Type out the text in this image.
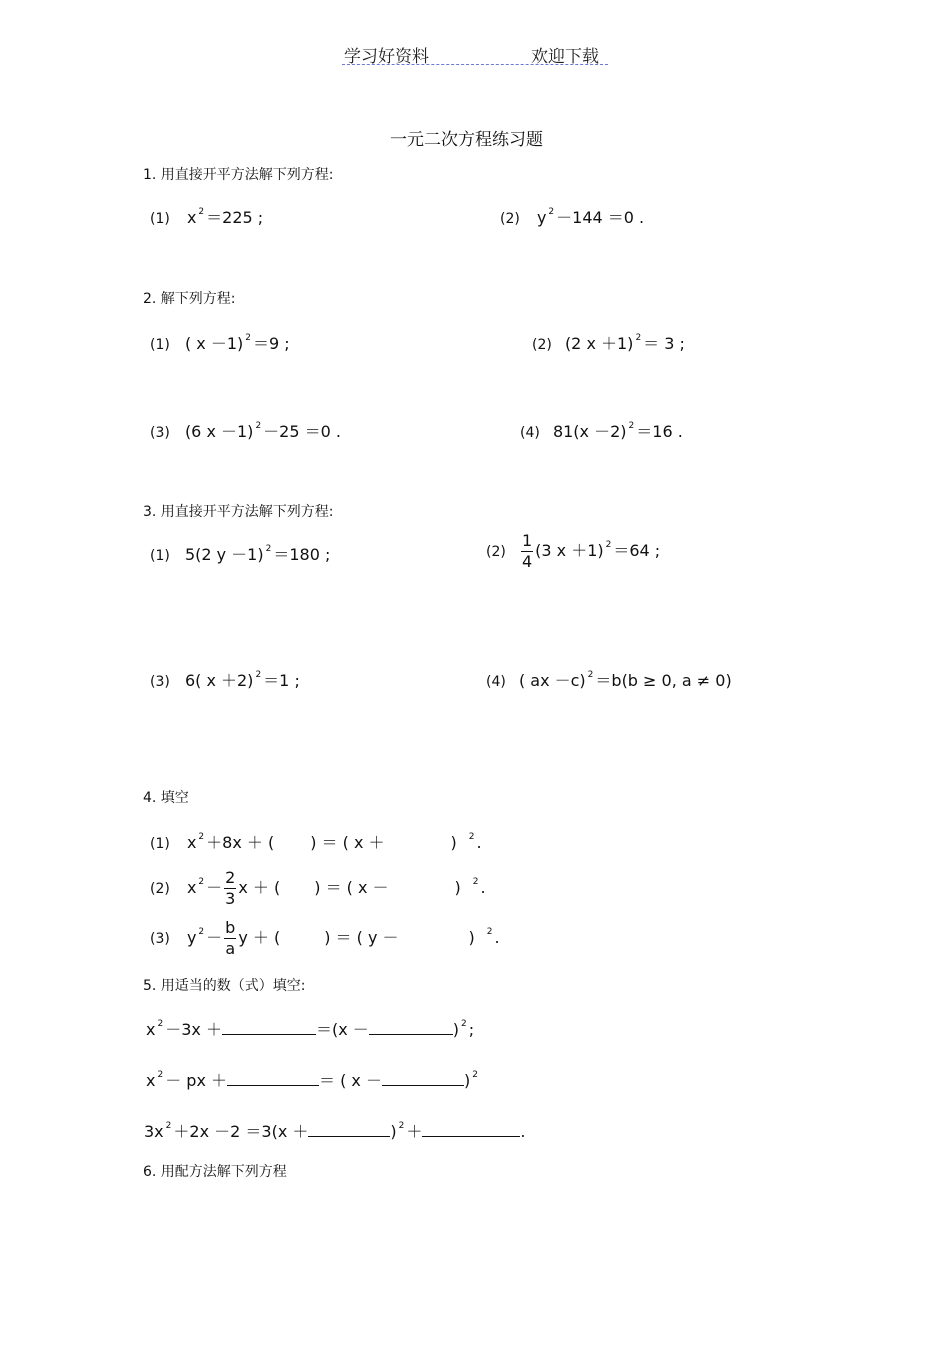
学习好资料	欢迎下载
一元二次方程练习题
1. 用直接开平方法解下列方程:
(1) x $^2$ ＝225 ;	(2) y $^2$ －144 ＝0 .
2. 解下列方程:
(1) ( x －1) $^2$ ＝9 ;	(2) (2 x ＋1) $^2$ ＝ 3 ;
(3) (6 x －1) $^2$ －25 ＝0 .	(4) 81(x －2) $^2$ ＝16 .
3. 用直接开平方法解下列方程:
(1) 5(2 y －1) $^2$ ＝180 ;	$(2) \frac{1}{4} (3$ x ＋1) $^2$ ＝64 ;
(3) 6( x ＋2) $^2$ ＝1 ;	(4) ( ax －c) $^2$ ＝b(b ≥ 0, a ≠ 0)
4. 填空
(1) x $^2$ ＋8x ＋ ( ) ＝ ( x ＋	) $^2$ .
(2) x $^2 - \frac{2}{3}$ x ＋ ( ) ＝ ( x －	) $^2$ .
(3) y $^2 - \frac{b}{a}$ y ＋ (	) ＝ ( y －	) $^2$ .
5. 用适当的数（式）填空:
x $^2$ －3x ＋	＝(x －	) $^2$ ;
x $^2$ － px ＋	＝ ( x －	) $^2$
3x $^2$ ＋2x －2 ＝3(x ＋	) $^2$ ＋	.
6. 用配方法解下列方程
